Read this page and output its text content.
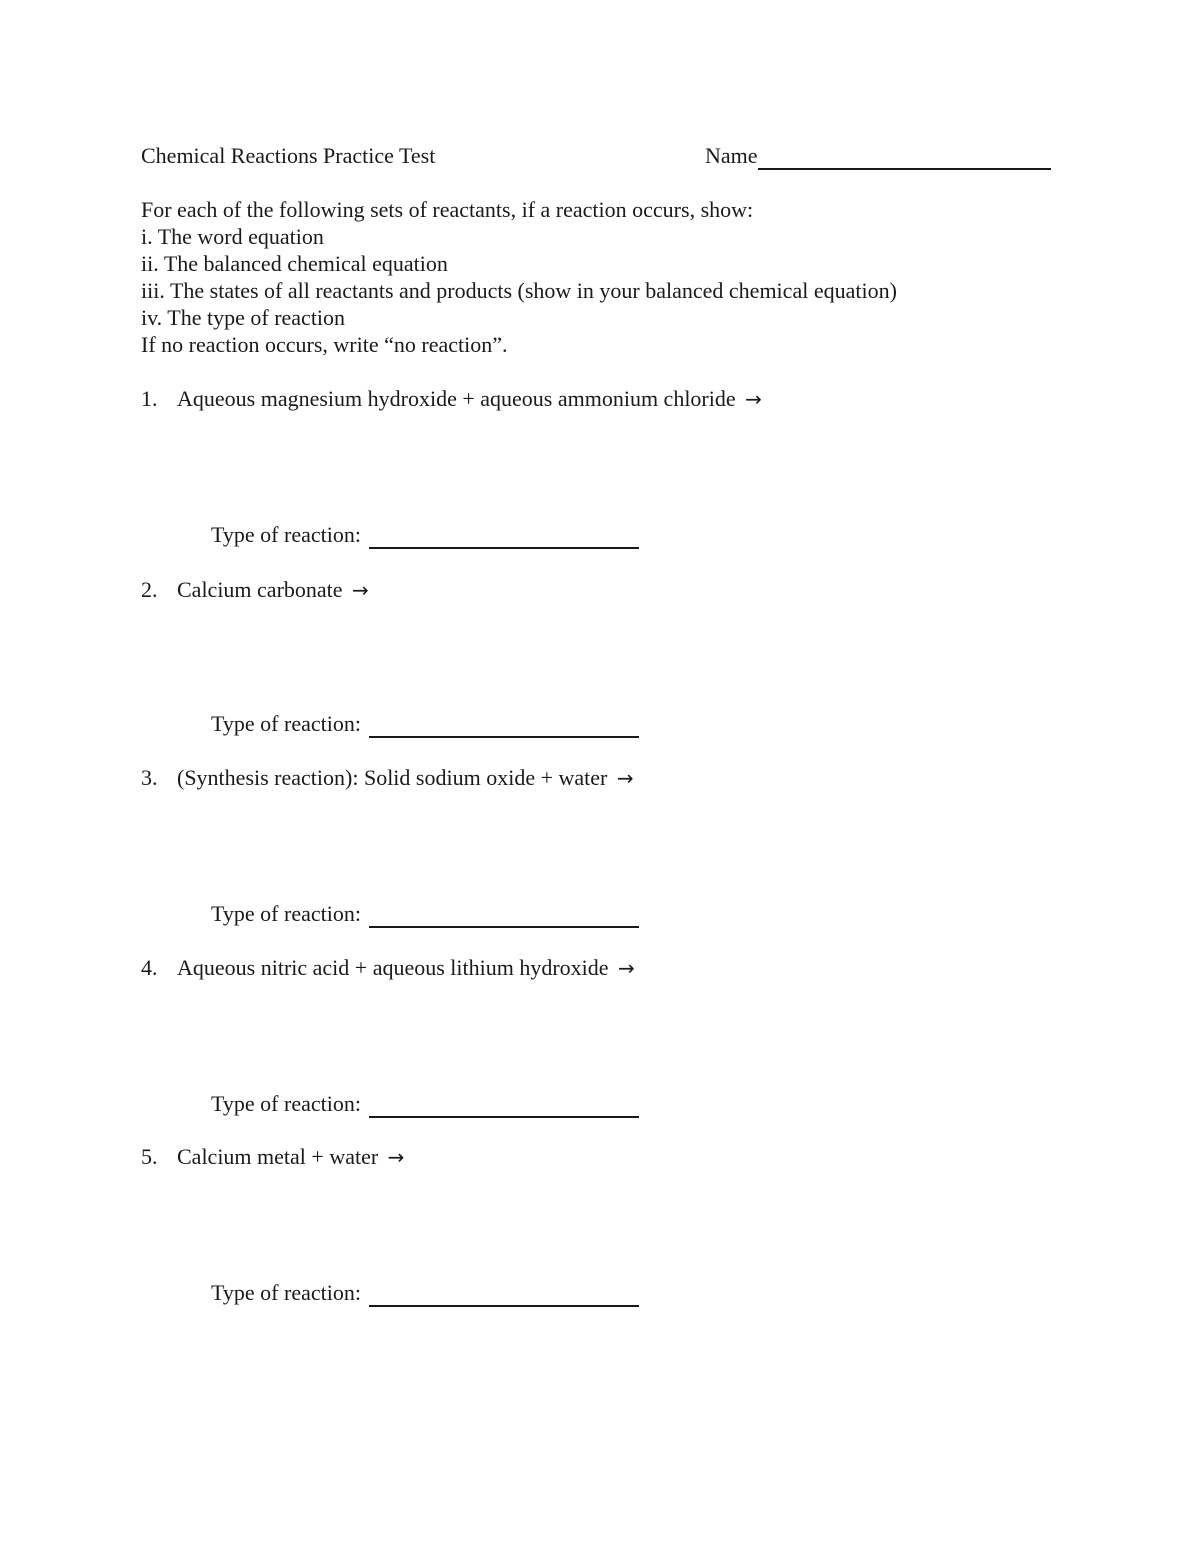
Chemical Reactions Practice Test	Name
For each of the following sets of reactants, if a reaction occurs, show:
i. The word equation
ii. The balanced chemical equation
iii. The states of all reactants and products (show in your balanced chemical equation)
iv. The type of reaction
If no reaction occurs, write “no reaction”.
1. Aqueous magnesium hydroxide + aqueous ammonium chloride →
Type of reaction:
2. Calcium carbonate →
Type of reaction:
3. (Synthesis reaction): Solid sodium oxide + water →
Type of reaction:
4. Aqueous nitric acid + aqueous lithium hydroxide →
Type of reaction:
5. Calcium metal + water →
Type of reaction:
